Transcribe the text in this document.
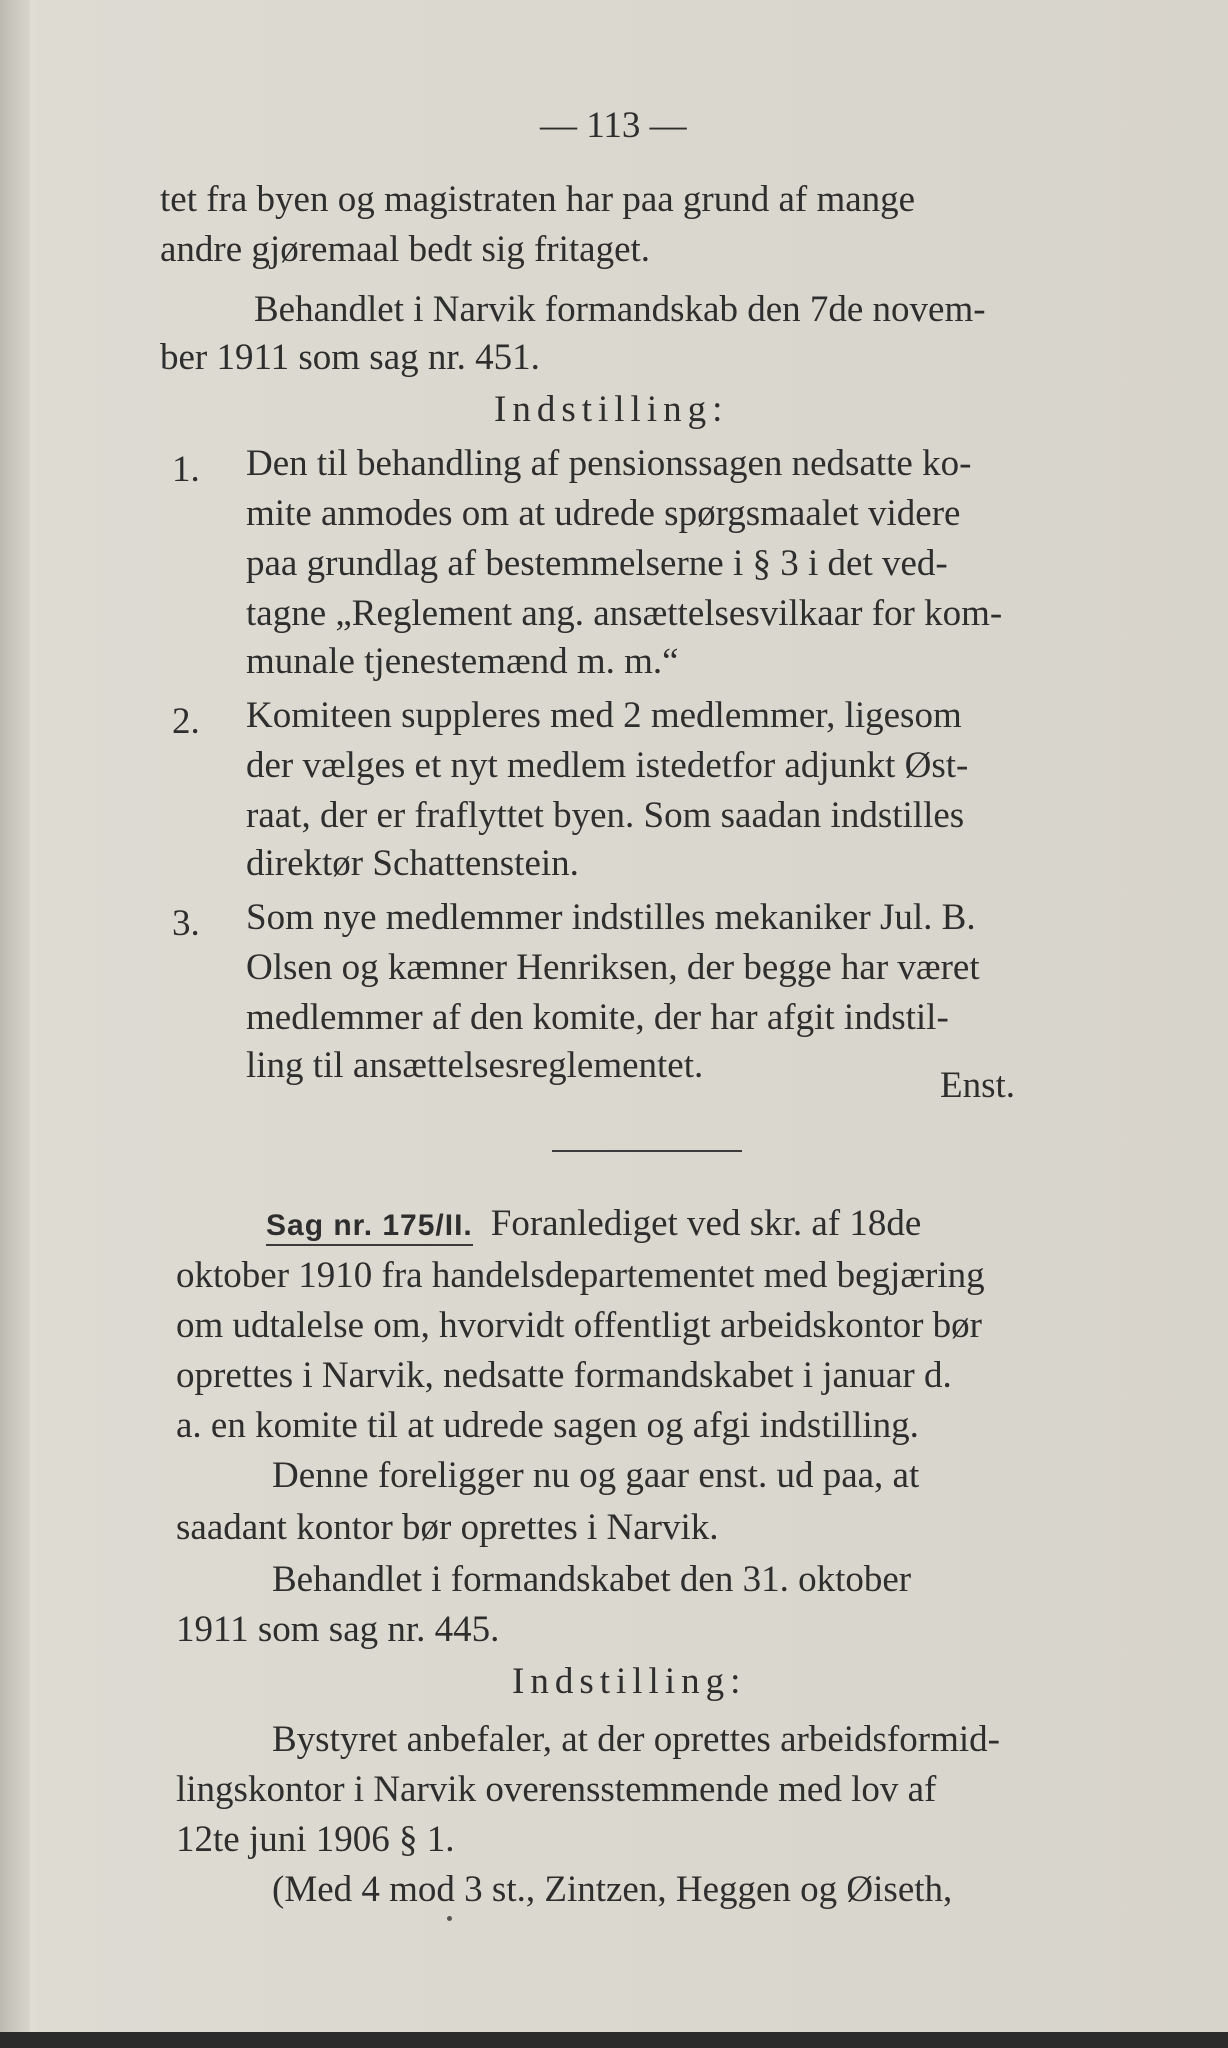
— 113 —
tet fra byen og magistraten har paa grund af mange
andre gjøremaal bedt sig fritaget.
Behandlet i Narvik formandskab den 7de novem-
ber 1911 som sag nr. 451.
Indstilling:
1. Den til behandling af pensionssagen nedsatte ko-
mite anmodes om at udrede spørgsmaalet videre
paa grundlag af bestemmelserne i § 3 i det ved-
tagne „Reglement ang. ansættelsesvilkaar for kom-
munale tjenestemænd m. m.“
2. Komiteen suppleres med 2 medlemmer, ligesom
der vælges et nyt medlem istedetfor adjunkt Øst-
raat, der er fraflyttet byen. Som saadan indstilles
direktør Schattenstein.
3. Som nye medlemmer indstilles mekaniker Jul. B.
Olsen og kæmner Henriksen, der begge har været
medlemmer af den komite, der har afgit indstil-
ling til ansættelsesreglementet.	Enst.
Sag nr. 175/II. Foranlediget ved skr. af 18de
oktober 1910 fra handelsdepartementet med begjæring
om udtalelse om, hvorvidt offentligt arbeidskontor bør
oprettes i Narvik, nedsatte formandskabet i januar d.
a. en komite til at udrede sagen og afgi indstilling.
Denne foreligger nu og gaar enst. ud paa, at
saadant kontor bør oprettes i Narvik.
Behandlet i formandskabet den 31. oktober
1911 som sag nr. 445.
Indstilling:
Bystyret anbefaler, at der oprettes arbeidsformid-
lingskontor i Narvik overensstemmende med lov af
12te juni 1906 § 1.
(Med 4 mod 3 st., Zintzen, Heggen og Øiseth,
